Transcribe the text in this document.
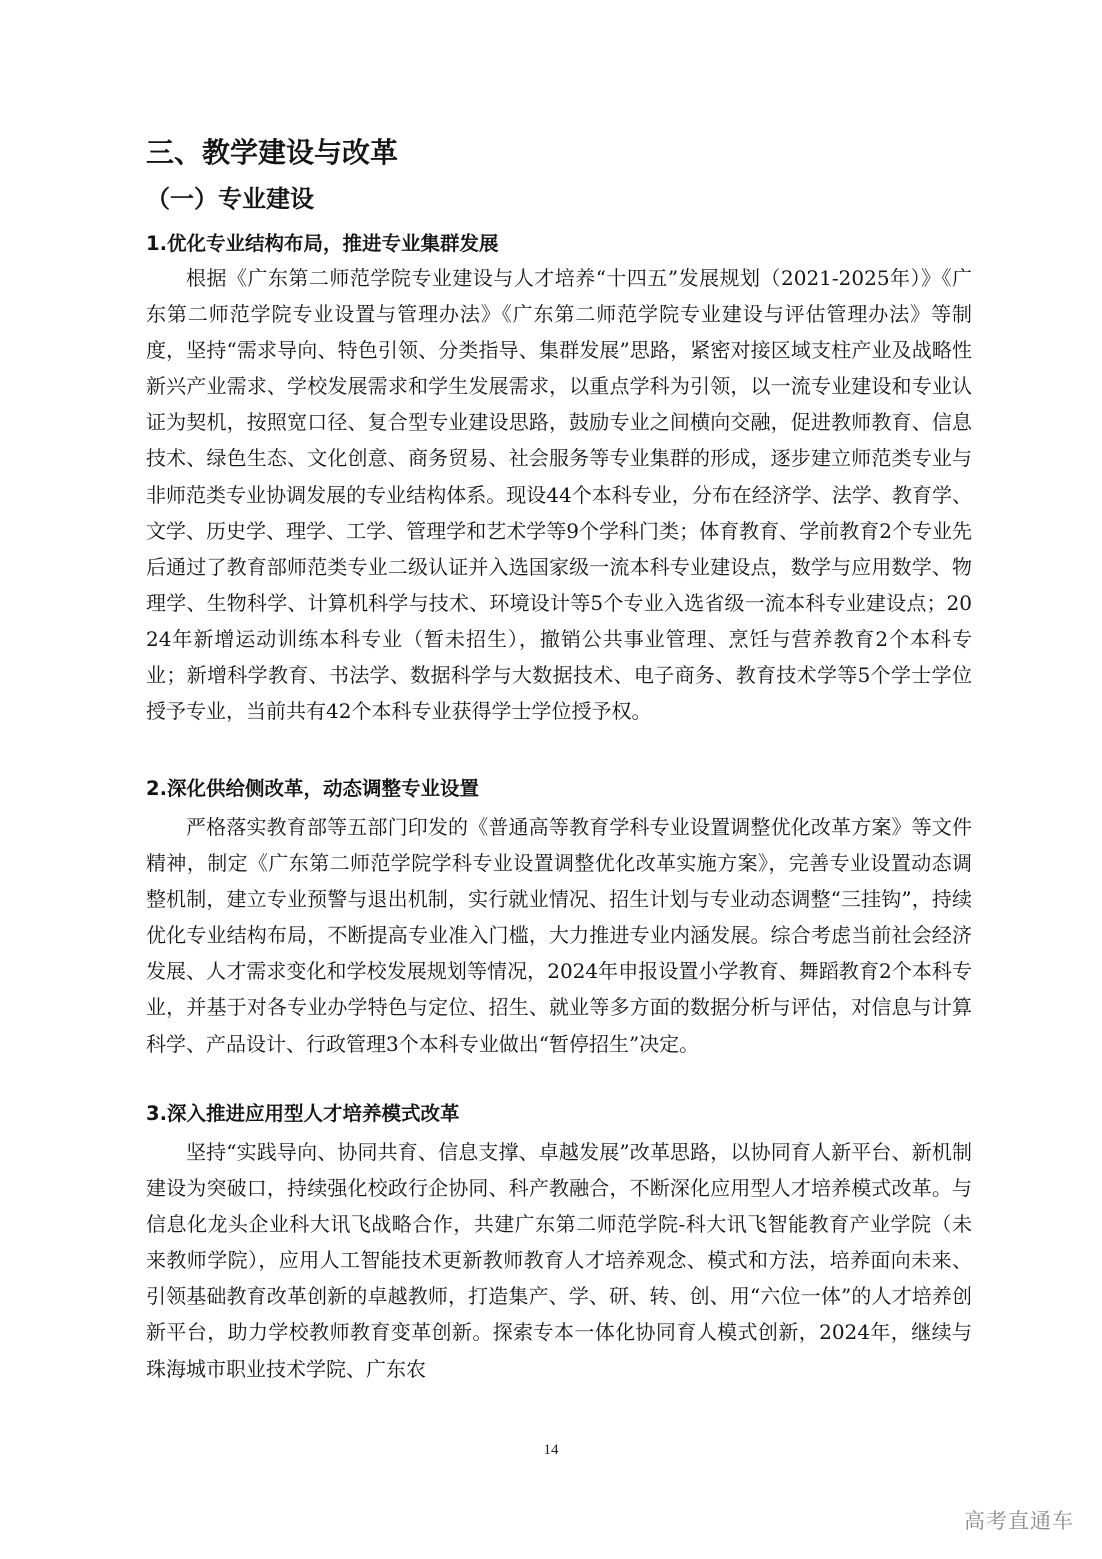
三、教学建设与改革
（一）专业建设
1.优化专业结构布局，推进专业集群发展

根据《广东第二师范学院专业建设与人才培养“十四五”发展规划（2021-2025年）》《广东第二师范学院专业设置与管理办法》《广东第二师范学院专业建设与评估管理办法》等制度，坚持“需求导向、特色引领、分类指导、集群发展”思路，紧密对接区域支柱产业及战略性新兴产业需求、学校发展需求和学生发展需求，以重点学科为引领，以一流专业建设和专业认证为契机，按照宽口径、复合型专业建设思路，鼓励专业之间横向交融，促进教师教育、信息技术、绿色生态、文化创意、商务贸易、社会服务等专业集群的形成，逐步建立师范类专业与非师范类专业协调发展的专业结构体系。现设44个本科专业，分布在经济学、法学、教育学、文学、历史学、理学、工学、管理学和艺术学等9个学科门类；体育教育、学前教育2个专业先后通过了教育部师范类专业二级认证并入选国家级一流本科专业建设点，数学与应用数学、物理学、生物科学、计算机科学与技术、环境设计等5个专业入选省级一流本科专业建设点；2024年新增运动训练本科专业（暂未招生），撤销公共事业管理、烹饪与营养教育2个本科专业；新增科学教育、书法学、数据科学与大数据技术、电子商务、教育技术学等5个学士学位授予专业，当前共有42个本科专业获得学士学位授予权。

2.深化供给侧改革，动态调整专业设置

严格落实教育部等五部门印发的《普通高等教育学科专业设置调整优化改革方案》等文件精神，制定《广东第二师范学院学科专业设置调整优化改革实施方案》，完善专业设置动态调整机制，建立专业预警与退出机制，实行就业情况、招生计划与专业动态调整“三挂钩”，持续优化专业结构布局，不断提高专业准入门槛，大力推进专业内涵发展。综合考虑当前社会经济发展、人才需求变化和学校发展规划等情况，2024年申报设置小学教育、舞蹈教育2个本科专业，并基于对各专业办学特色与定位、招生、就业等多方面的数据分析与评估，对信息与计算科学、产品设计、行政管理3个本科专业做出“暂停招生”决定。

3.深入推进应用型人才培养模式改革

坚持“实践导向、协同共育、信息支撑、卓越发展”改革思路，以协同育人新平台、新机制建设为突破口，持续强化校政行企协同、科产教融合，不断深化应用型人才培养模式改革。与信息化龙头企业科大讯飞战略合作，共建广东第二师范学院-科大讯飞智能教育产业学院（未来教师学院），应用人工智能技术更新教师教育人才培养观念、模式和方法，培养面向未来、引领基础教育改革创新的卓越教师，打造集产、学、研、转、创、用“六位一体”的人才培养创新平台，助力学校教师教育变革创新。探索专本一体化协同育人模式创新，2024年，继续与珠海城市职业技术学院、广东农

14
高考直通车
